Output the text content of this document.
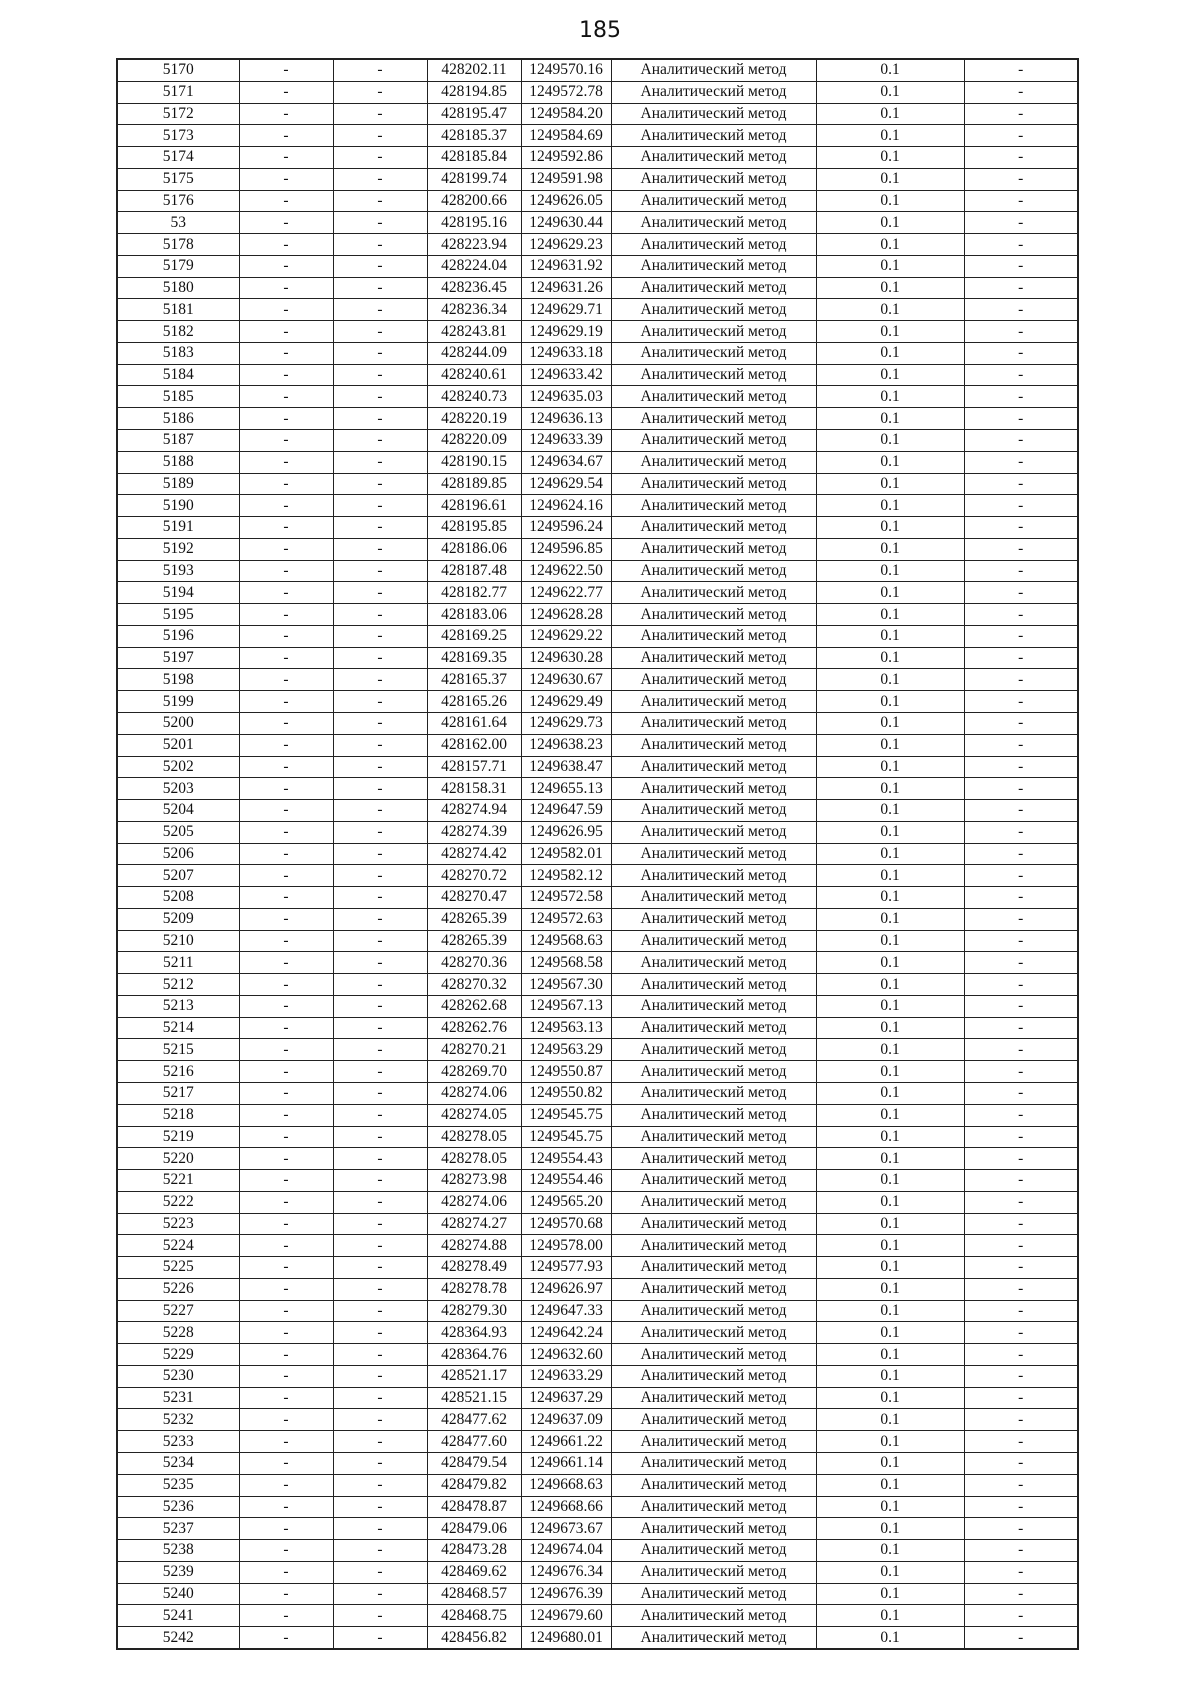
185
5170	-	-	428202.11	1249570.16	Аналитический метод	0.1	-
5171	-	-	428194.85	1249572.78	Аналитический метод	0.1	-
5172	-	-	428195.47	1249584.20	Аналитический метод	0.1	-
5173	-	-	428185.37	1249584.69	Аналитический метод	0.1	-
5174	-	-	428185.84	1249592.86	Аналитический метод	0.1	-
5175	-	-	428199.74	1249591.98	Аналитический метод	0.1	-
5176	-	-	428200.66	1249626.05	Аналитический метод	0.1	-
53	-	-	428195.16	1249630.44	Аналитический метод	0.1	-
5178	-	-	428223.94	1249629.23	Аналитический метод	0.1	-
5179	-	-	428224.04	1249631.92	Аналитический метод	0.1	-
5180	-	-	428236.45	1249631.26	Аналитический метод	0.1	-
5181	-	-	428236.34	1249629.71	Аналитический метод	0.1	-
5182	-	-	428243.81	1249629.19	Аналитический метод	0.1	-
5183	-	-	428244.09	1249633.18	Аналитический метод	0.1	-
5184	-	-	428240.61	1249633.42	Аналитический метод	0.1	-
5185	-	-	428240.73	1249635.03	Аналитический метод	0.1	-
5186	-	-	428220.19	1249636.13	Аналитический метод	0.1	-
5187	-	-	428220.09	1249633.39	Аналитический метод	0.1	-
5188	-	-	428190.15	1249634.67	Аналитический метод	0.1	-
5189	-	-	428189.85	1249629.54	Аналитический метод	0.1	-
5190	-	-	428196.61	1249624.16	Аналитический метод	0.1	-
5191	-	-	428195.85	1249596.24	Аналитический метод	0.1	-
5192	-	-	428186.06	1249596.85	Аналитический метод	0.1	-
5193	-	-	428187.48	1249622.50	Аналитический метод	0.1	-
5194	-	-	428182.77	1249622.77	Аналитический метод	0.1	-
5195	-	-	428183.06	1249628.28	Аналитический метод	0.1	-
5196	-	-	428169.25	1249629.22	Аналитический метод	0.1	-
5197	-	-	428169.35	1249630.28	Аналитический метод	0.1	-
5198	-	-	428165.37	1249630.67	Аналитический метод	0.1	-
5199	-	-	428165.26	1249629.49	Аналитический метод	0.1	-
5200	-	-	428161.64	1249629.73	Аналитический метод	0.1	-
5201	-	-	428162.00	1249638.23	Аналитический метод	0.1	-
5202	-	-	428157.71	1249638.47	Аналитический метод	0.1	-
5203	-	-	428158.31	1249655.13	Аналитический метод	0.1	-
5204	-	-	428274.94	1249647.59	Аналитический метод	0.1	-
5205	-	-	428274.39	1249626.95	Аналитический метод	0.1	-
5206	-	-	428274.42	1249582.01	Аналитический метод	0.1	-
5207	-	-	428270.72	1249582.12	Аналитический метод	0.1	-
5208	-	-	428270.47	1249572.58	Аналитический метод	0.1	-
5209	-	-	428265.39	1249572.63	Аналитический метод	0.1	-
5210	-	-	428265.39	1249568.63	Аналитический метод	0.1	-
5211	-	-	428270.36	1249568.58	Аналитический метод	0.1	-
5212	-	-	428270.32	1249567.30	Аналитический метод	0.1	-
5213	-	-	428262.68	1249567.13	Аналитический метод	0.1	-
5214	-	-	428262.76	1249563.13	Аналитический метод	0.1	-
5215	-	-	428270.21	1249563.29	Аналитический метод	0.1	-
5216	-	-	428269.70	1249550.87	Аналитический метод	0.1	-
5217	-	-	428274.06	1249550.82	Аналитический метод	0.1	-
5218	-	-	428274.05	1249545.75	Аналитический метод	0.1	-
5219	-	-	428278.05	1249545.75	Аналитический метод	0.1	-
5220	-	-	428278.05	1249554.43	Аналитический метод	0.1	-
5221	-	-	428273.98	1249554.46	Аналитический метод	0.1	-
5222	-	-	428274.06	1249565.20	Аналитический метод	0.1	-
5223	-	-	428274.27	1249570.68	Аналитический метод	0.1	-
5224	-	-	428274.88	1249578.00	Аналитический метод	0.1	-
5225	-	-	428278.49	1249577.93	Аналитический метод	0.1	-
5226	-	-	428278.78	1249626.97	Аналитический метод	0.1	-
5227	-	-	428279.30	1249647.33	Аналитический метод	0.1	-
5228	-	-	428364.93	1249642.24	Аналитический метод	0.1	-
5229	-	-	428364.76	1249632.60	Аналитический метод	0.1	-
5230	-	-	428521.17	1249633.29	Аналитический метод	0.1	-
5231	-	-	428521.15	1249637.29	Аналитический метод	0.1	-
5232	-	-	428477.62	1249637.09	Аналитический метод	0.1	-
5233	-	-	428477.60	1249661.22	Аналитический метод	0.1	-
5234	-	-	428479.54	1249661.14	Аналитический метод	0.1	-
5235	-	-	428479.82	1249668.63	Аналитический метод	0.1	-
5236	-	-	428478.87	1249668.66	Аналитический метод	0.1	-
5237	-	-	428479.06	1249673.67	Аналитический метод	0.1	-
5238	-	-	428473.28	1249674.04	Аналитический метод	0.1	-
5239	-	-	428469.62	1249676.34	Аналитический метод	0.1	-
5240	-	-	428468.57	1249676.39	Аналитический метод	0.1	-
5241	-	-	428468.75	1249679.60	Аналитический метод	0.1	-
5242	-	-	428456.82	1249680.01	Аналитический метод	0.1	-
